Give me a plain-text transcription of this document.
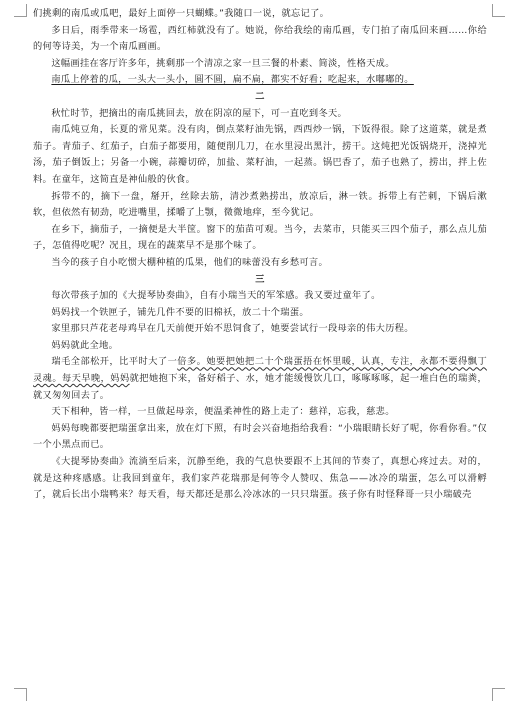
们挑剩的南瓜或瓜吧，最好上面停一只蝴蝶。”我随口一说，就忘记了。

多日后，雨季带来一场雹，西红柿就没有了。她说，你给我绘的南瓜画，专门拍了南瓜回来画……你给的何等诗美，为一个南瓜画画。

这幅画挂在客厅许多年，挑剩那一个清凉之家一旦三餐的朴素、简淡，性格天成。

南瓜上停着的瓜，一头大一头小，圆不圆，扁不扁，都实不好看；吃起来，水嘟嘟的。

二

秋忙时节，把摘出的南瓜挑回去，放在阴凉的屋下，可一直吃到冬天。

南瓜炖豆角，长夏的常见菜。没有肉，倒点菜籽油先锅，西西炒一锅，下饭得很。除了这道菜，就是煮茄子。青茄子、红茄子，白茄子都要用，随便削几刀，在水里浸出黑汁，捞干。这炖把光饭锅烧开，浇掉光汤，茄子倒饭上；另备一小碗，蒜瓣切碎，加盐、菜籽油，一起蒸。锅巴香了，茄子也熟了，捞出，拌上佐料。在童年，这简直是神仙般的伙食。

拆带不的，摘下一盘，掰开，丝除去筋，清沙煮熟捞出，放凉后，淋一铁。拆带上有芒刺，下锅后漱软，但依然有韧劲，吃进嘴里，揉嚼了上颚，微微地痒，至今犹记。

在乡下，摘茄子，一摘便是大半筐。窗下的茄苗可观。当今，去菜市，只能买三四个茄子，那么点儿茄子，怎值得吃呢？况且，现在的蔬菜早不是那个味了。

当今的孩子自小吃惯大棚种植的瓜果，他们的味蕾没有乡愁可言。

三

每次带孩子加的《大提琴协奏曲》，自有小瑞当天的军笨感。我又要过童年了。

妈妈找一个铁匣子，铺先几件不要的旧棉袄，放二十个瑞蛋。

家里那只芦花老母鸡早在几天前便开始不思饲食了，她要尝试行一段母亲的伟大历程。

妈妈就此全地。

瑞毛全部松开，比平时大了一倍多。她要把她把二十个瑞蛋捂在怀里暖，认真，专注，永都不要得飘丁灵魂。每天早晚，妈妈就把她抱下来，备好稻子、水，她才能缓慢饮几口，啄啄啄啄，起一堆白色的瑞粪，就又匆匆回去了。

天下相种，皆一样，一旦做起母亲，便温柔神性的路上走了：慈祥，忘我，慈悲。

妈妈每晚都要把瑞蛋拿出来，放在灯下照，有时会兴奋地指给我看：“小瑞眼睛长好了呢，你看你看。”仅一个小黑点而已。

《大提琴协奏曲》流淌至后来，沉静至绝，我的气息快要跟不上其间的节奏了，真想心疼过去。对的，就是这种疼感感。让我回到童年，我们家芦花瑞那是何等令人赞叹、焦急——冰冷的瑞蛋，怎么可以滑孵了，就后长出小瑞鸭来？每天看，每天都还是那么冷冰冰的一只只瑞蛋。孩子你有时怪释哥一只小瑞破壳
